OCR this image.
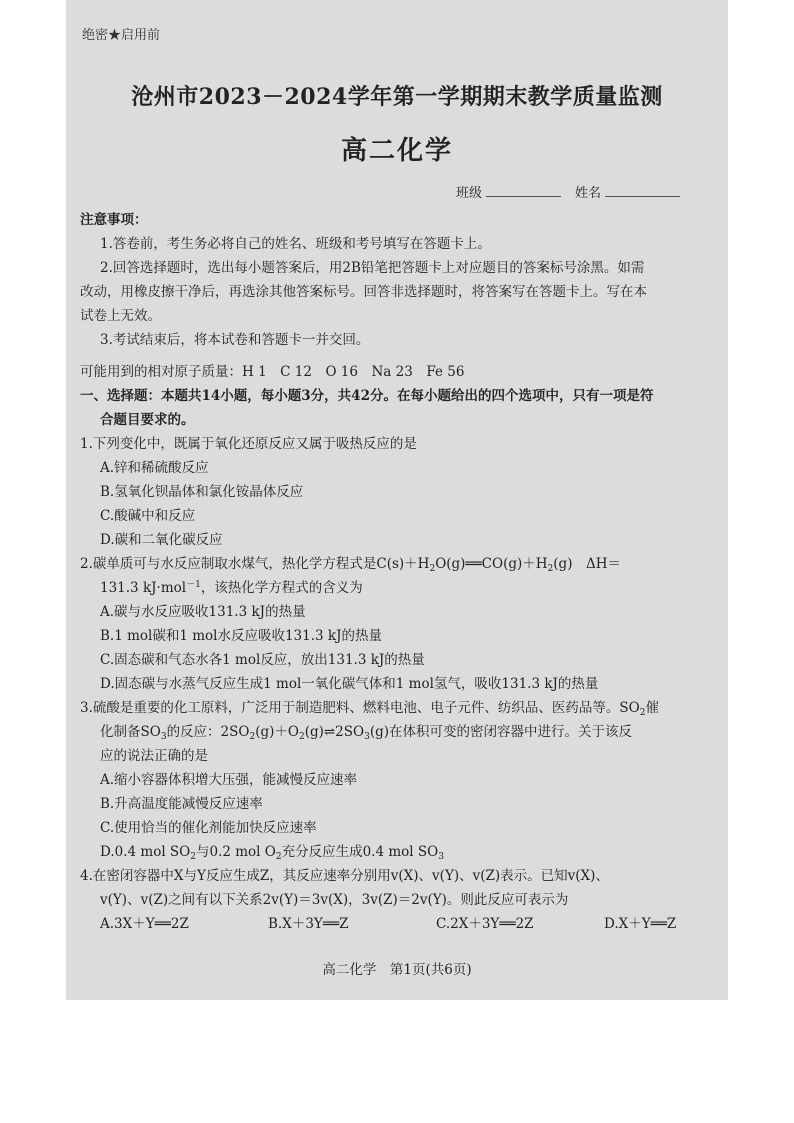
绝密★启用前
沧州市2023－2024学年第一学期期末教学质量监测
高二化学
班级	姓名
注意事项：
1.答卷前，考生务必将自己的姓名、班级和考号填写在答题卡上。
2.回答选择题时，选出每小题答案后，用2B铅笔把答题卡上对应题目的答案标号涂黑。如需
改动，用橡皮擦干净后，再选涂其他答案标号。回答非选择题时，将答案写在答题卡上。写在本
试卷上无效。
3.考试结束后，将本试卷和答题卡一并交回。
可能用到的相对原子质量：H 1　C 12　O 16　Na 23　Fe 56
一、选择题：本题共14小题，每小题3分，共42分。在每小题给出的四个选项中，只有一项是符
合题目要求的。
1.下列变化中，既属于氧化还原反应又属于吸热反应的是
A.锌和稀硫酸反应
B.氢氧化钡晶体和氯化铵晶体反应
C.酸碱中和反应
D.碳和二氧化碳反应
2.碳单质可与水反应制取水煤气，热化学方程式是$C(s)+H_2O(g)══CO(g)+H_2(g)$　ΔH＝
131.3 kJ·mol$^{-1}$，该热化学方程式的含义为
A.碳与水反应吸收131.3 kJ的热量
B.1 mol碳和1 mol水反应吸收131.3 kJ的热量
C.固态碳和气态水各1 mol反应，放出131.3 kJ的热量
D.固态碳与水蒸气反应生成1 mol一氧化碳气体和1 mol氢气，吸收131.3 kJ的热量
3.硫酸是重要的化工原料，广泛用于制造肥料、燃料电池、电子元件、纺织品、医药品等。$SO_2$催
化制备$SO_3$的反应：$2SO_2(g)+O_2(g)\rightleftharpoons 2SO_3(g)$在体积可变的密闭容器中进行。关于该反
应的说法正确的是
A.缩小容器体积增大压强，能减慢反应速率
B.升高温度能减慢反应速率
C.使用恰当的催化剂能加快反应速率
D.0.4 mol $SO_2$与0.2 mol $O_2$充分反应生成0.4 mol $SO_3$
4.在密闭容器中X与Y反应生成Z，其反应速率分别用v(X)、v(Y)、v(Z)表示。已知v(X)、
v(Y)、v(Z)之间有以下关系2v(Y)＝3v(X)，3v(Z)＝2v(Y)。则此反应可表示为
A.3X＋Y══2Z	B.X＋3Y══Z	C.2X＋3Y══2Z	D.X＋Y══Z
高二化学　第1页(共6页)
